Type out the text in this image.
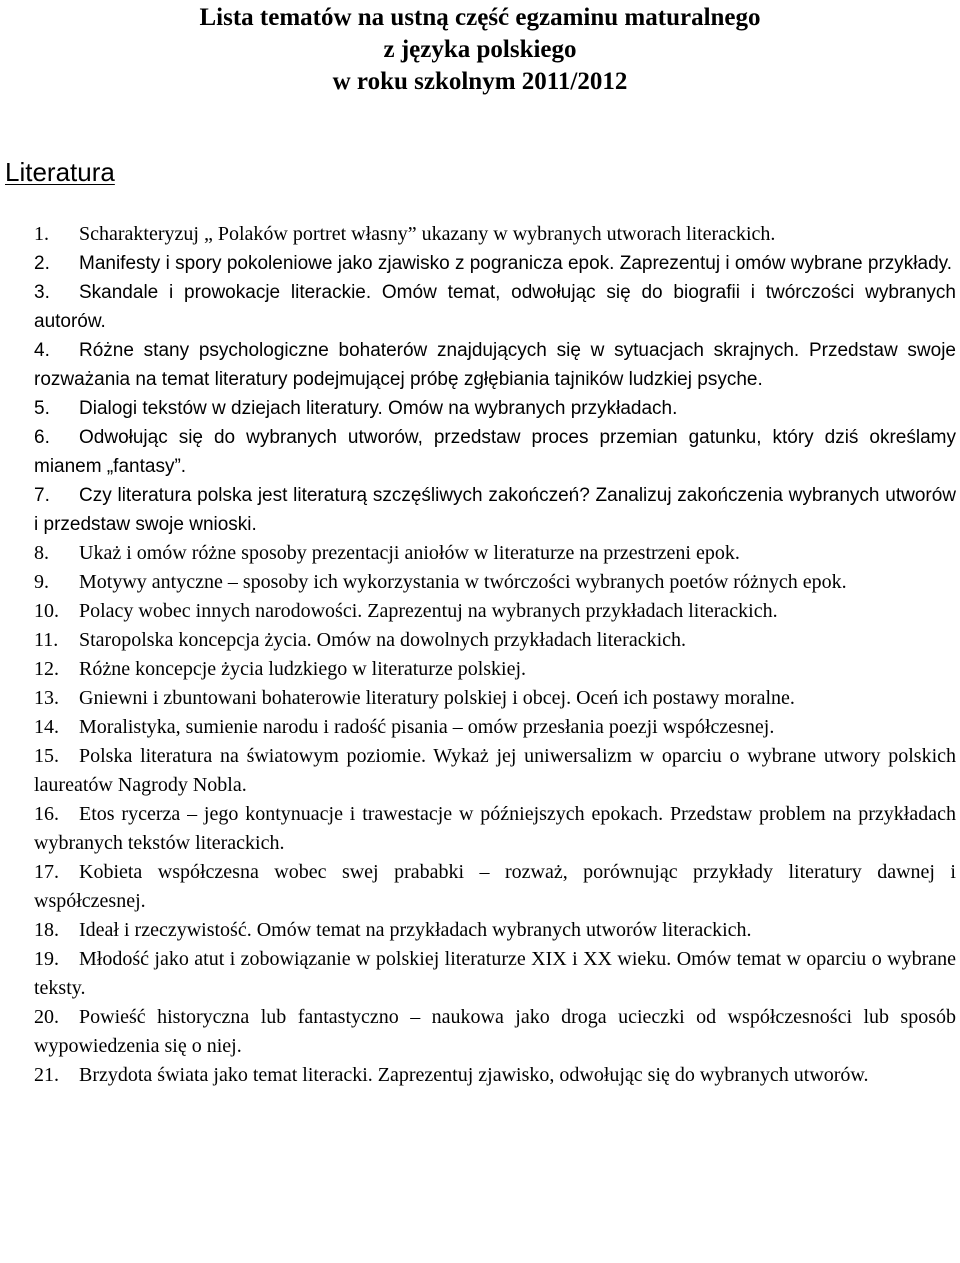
Lista tematów na ustną część egzaminu maturalnego
z języka polskiego
w roku szkolnym 2011/2012
Literatura
1. Scharakteryzuj „ Polaków portret własny” ukazany w wybranych utworach literackich.
2. Manifesty i spory pokoleniowe jako zjawisko z pogranicza epok. Zaprezentuj i omów wybrane przykłady.
3. Skandale i prowokacje literackie. Omów temat, odwołując się do biografii i twórczości wybranych autorów.
4. Różne stany psychologiczne bohaterów znajdujących się w sytuacjach skrajnych. Przedstaw swoje rozważania na temat literatury podejmującej próbę zgłębiania tajników ludzkiej psyche.
5. Dialogi tekstów w dziejach literatury. Omów na wybranych przykładach.
6. Odwołując się do wybranych utworów, przedstaw proces przemian gatunku, który dziś określamy mianem „fantasy”.
7. Czy literatura polska jest literaturą szczęśliwych zakończeń? Zanalizuj zakończenia wybranych utworów i przedstaw swoje wnioski.
8. Ukaż i omów różne sposoby prezentacji aniołów w literaturze na przestrzeni epok.
9. Motywy antyczne – sposoby ich wykorzystania w twórczości wybranych poetów różnych epok.
10. Polacy wobec innych narodowości. Zaprezentuj na wybranych przykładach literackich.
11. Staropolska koncepcja życia. Omów na dowolnych przykładach literackich.
12. Różne koncepcje życia ludzkiego w literaturze polskiej.
13. Gniewni i zbuntowani bohaterowie literatury polskiej i obcej. Oceń ich postawy moralne.
14. Moralistyka, sumienie narodu i radość pisania – omów przesłania poezji współczesnej.
15. Polska literatura na światowym poziomie. Wykaż jej uniwersalizm w oparciu o wybrane utwory polskich laureatów Nagrody Nobla.
16. Etos rycerza – jego kontynuacje i trawestacje w późniejszych epokach. Przedstaw problem na przykładach wybranych tekstów literackich.
17. Kobieta współczesna wobec swej prababki – rozważ, porównując przykłady literatury dawnej i współczesnej.
18. Ideał i rzeczywistość. Omów temat na przykładach wybranych utworów literackich.
19. Młodość jako atut i zobowiązanie w polskiej literaturze XIX i XX wieku. Omów temat w oparciu o wybrane teksty.
20. Powieść historyczna lub fantastyczno – naukowa jako droga ucieczki od współczesności lub sposób wypowiedzenia się o niej.
21. Brzydota świata jako temat literacki. Zaprezentuj zjawisko, odwołując się do wybranych utworów.
